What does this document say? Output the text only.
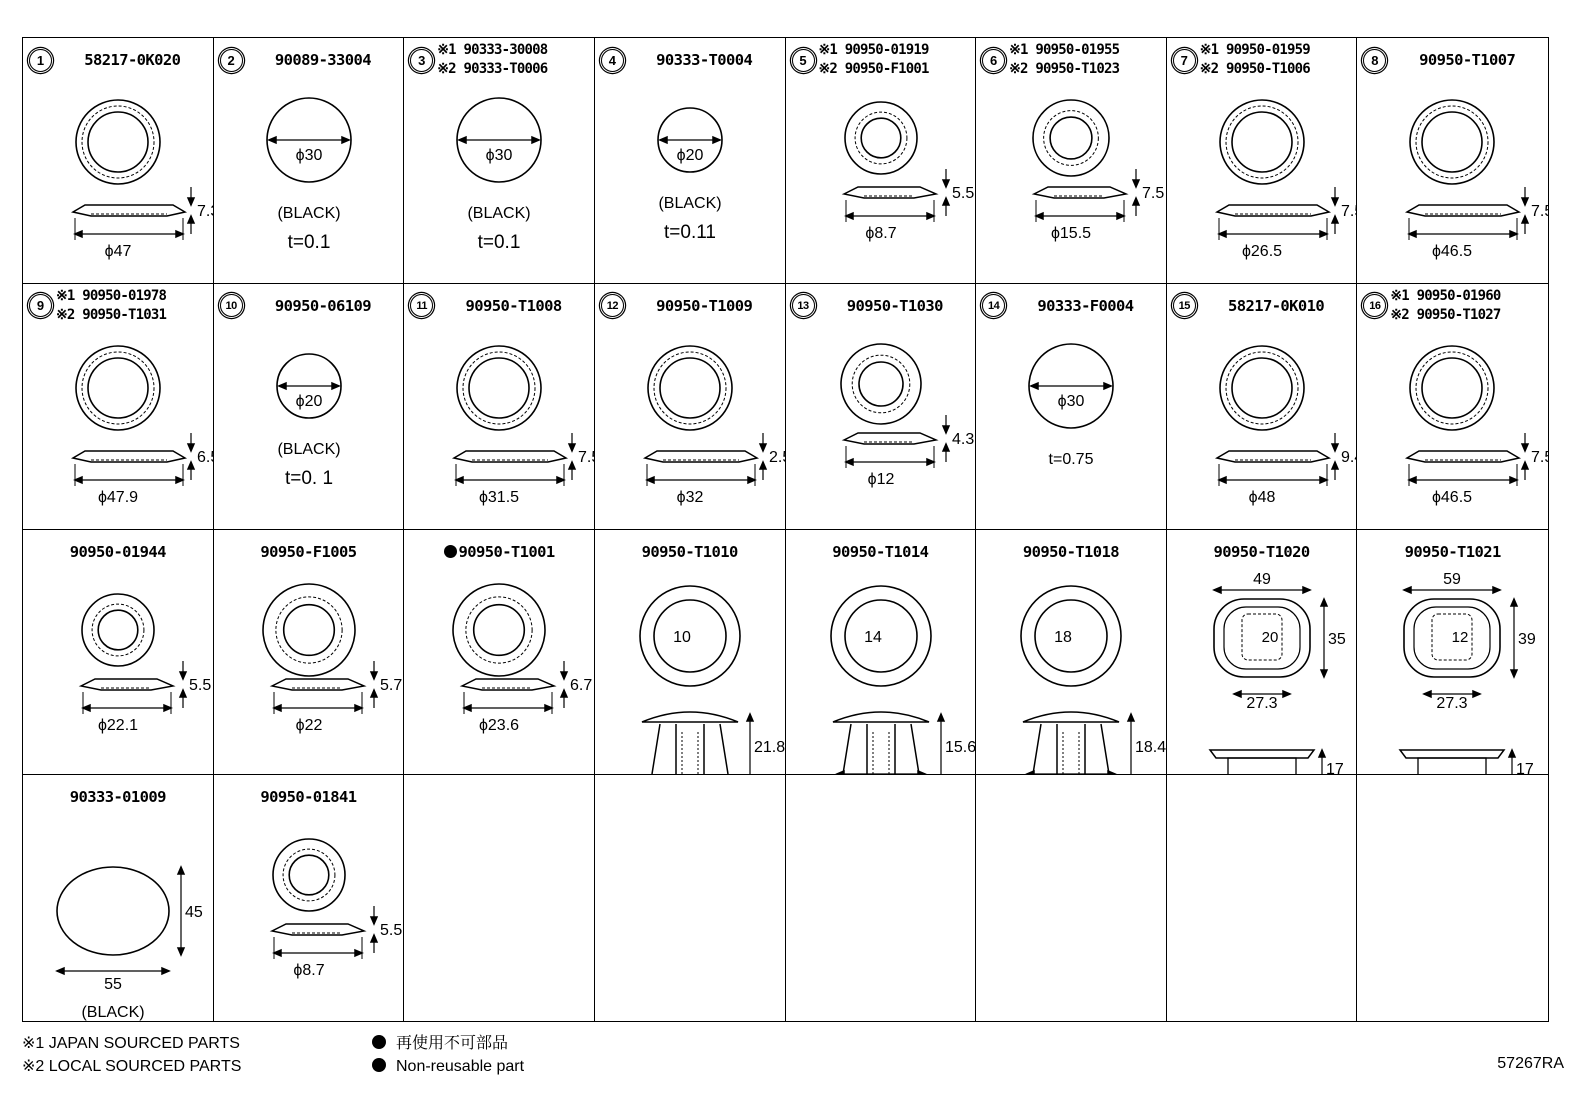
1	58217-0K020
ϕ47
7.3
2	90089-33004
ϕ30
(BLACK)
t=0.1
3
※1 90333-30008
※2 90333-T0006
ϕ30
(BLACK)
t=0.1
4	90333-T0004
ϕ20
(BLACK)
t=0.11
5
※1 90950-01919
※2 90950-F1001
ϕ8.7
5.5
6
※1 90950-01955
※2 90950-T1023
ϕ15.5
7.5
7
※1 90950-01959
※2 90950-T1006
ϕ26.5
7.5
8	90950-T1007
ϕ46.5
7.5
9
※1 90950-01978
※2 90950-T1031
ϕ47.9
6.5
10	90950-06109
ϕ20
(BLACK)
t=0. 1
11	90950-T1008
ϕ31.5
7.5
12	90950-T1009
ϕ32
2.5
13	90950-T1030
ϕ12
4.3
14	90333-F0004
ϕ30
t=0.75
15	58217-0K010
ϕ48
9.4
16
※1 90950-01960
※2 90950-T1027
ϕ46.5
7.5
90950-01944
ϕ22.1
5.5
90950-F1005
ϕ22
5.7
90950-T1001
ϕ23.6
6.7
90950-T1010
10
21.8
90950-T1014
14
15.6
29.5
90950-T1018
18
18.4
24.5
90950-T1020
20
49
35
27.3
17
90950-T1021
12
59
39
27.3
17
90333-01009
45
55
(BLACK)
90950-01841
ϕ8.7
5.5
※1 JAPAN SOURCED PARTS
※2 LOCAL SOURCED PARTS
再使用不可部品
Non-reusable part	57267RA
